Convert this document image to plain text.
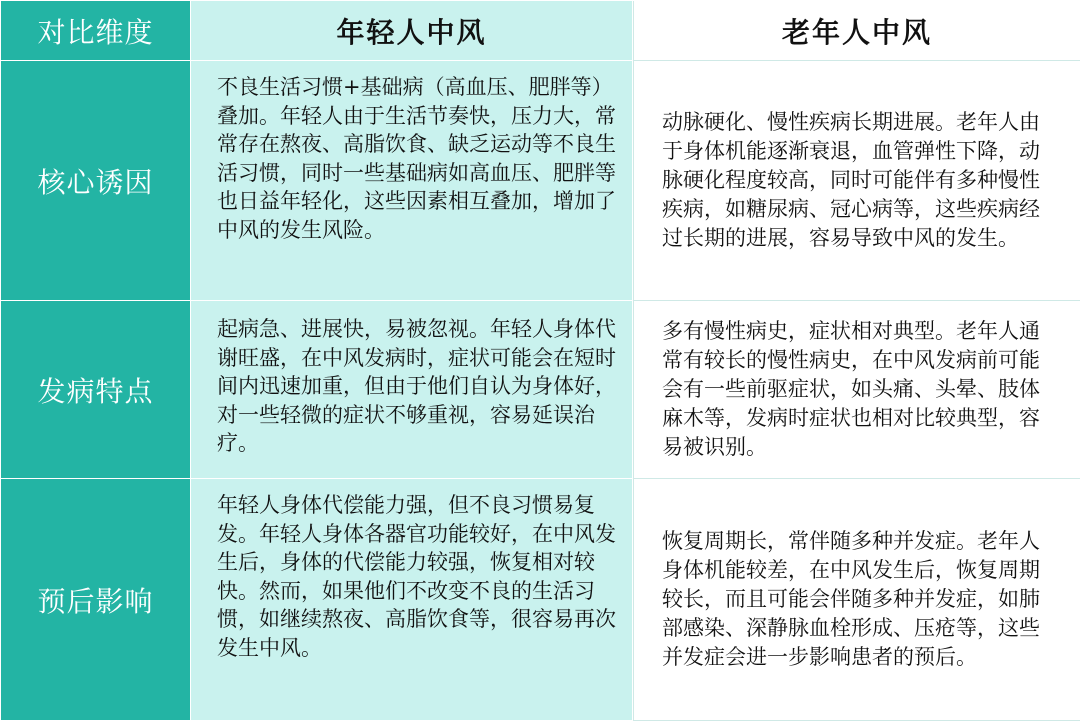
对比维度	年轻人中风	老年人中风
核心诱因
不良生活习惯+基础病（高血压、肥胖等）叠加。年轻人由于生活节奏快，压力大，常常存在熬夜、高脂饮食、缺乏运动等不良生活习惯，同时一些基础病如高血压、肥胖等也日益年轻化，这些因素相互叠加，增加了中风的发生风险。
动脉硬化、慢性疾病长期进展。老年人由于身体机能逐渐衰退，血管弹性下降，动脉硬化程度较高，同时可能伴有多种慢性疾病，如糖尿病、冠心病等，这些疾病经过长期的进展，容易导致中风的发生。
发病特点
起病急、进展快，易被忽视。年轻人身体代谢旺盛，在中风发病时，症状可能会在短时间内迅速加重，但由于他们自认为身体好，对一些轻微的症状不够重视，容易延误治疗。
多有慢性病史，症状相对典型。老年人通常有较长的慢性病史，在中风发病前可能会有一些前驱症状，如头痛、头晕、肢体麻木等，发病时症状也相对比较典型，容易被识别。
预后影响
年轻人身体代偿能力强，但不良习惯易复发。年轻人身体各器官功能较好，在中风发生后，身体的代偿能力较强，恢复相对较快。然而，如果他们不改变不良的生活习惯，如继续熬夜、高脂饮食等，很容易再次发生中风。
恢复周期长，常伴随多种并发症。老年人身体机能较差，在中风发生后，恢复周期较长，而且可能会伴随多种并发症，如肺部感染、深静脉血栓形成、压疮等，这些并发症会进一步影响患者的预后。
